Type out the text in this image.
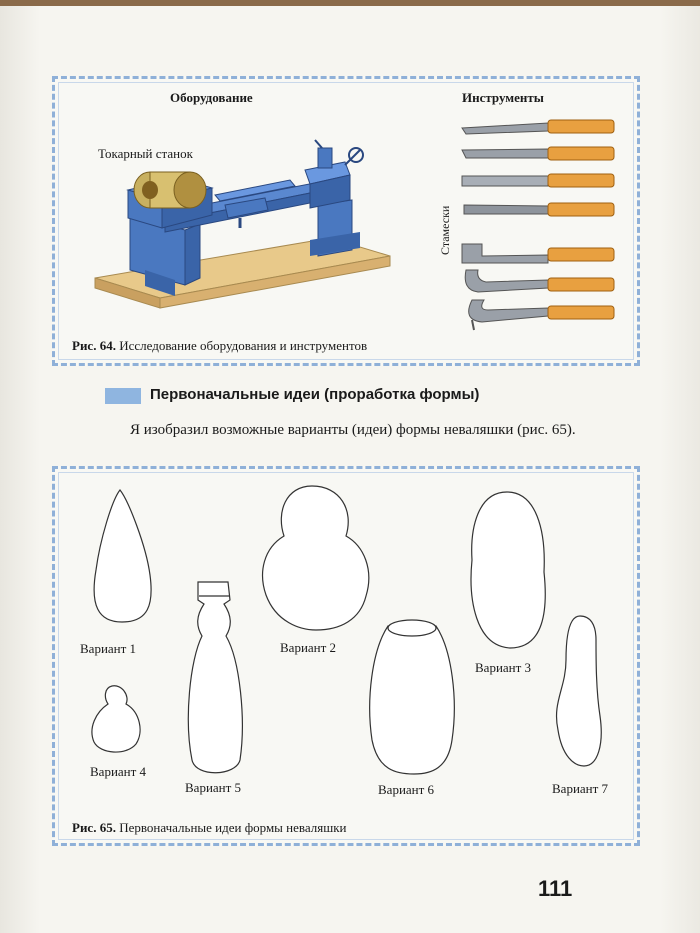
Оборудование	Инструменты
Токарный станок
Стамески
Рис. 64. Исследование оборудования и инструментов
Первоначальные идеи (проработка формы)
Я изобразил возможные варианты (идеи) формы неваляшки (рис. 65).
Вариант 1	Вариант 2
Вариант 3
Вариант 4
Вариант 5	Вариант 6	Вариант 7
Рис. 65. Первоначальные идеи формы неваляшки
111
